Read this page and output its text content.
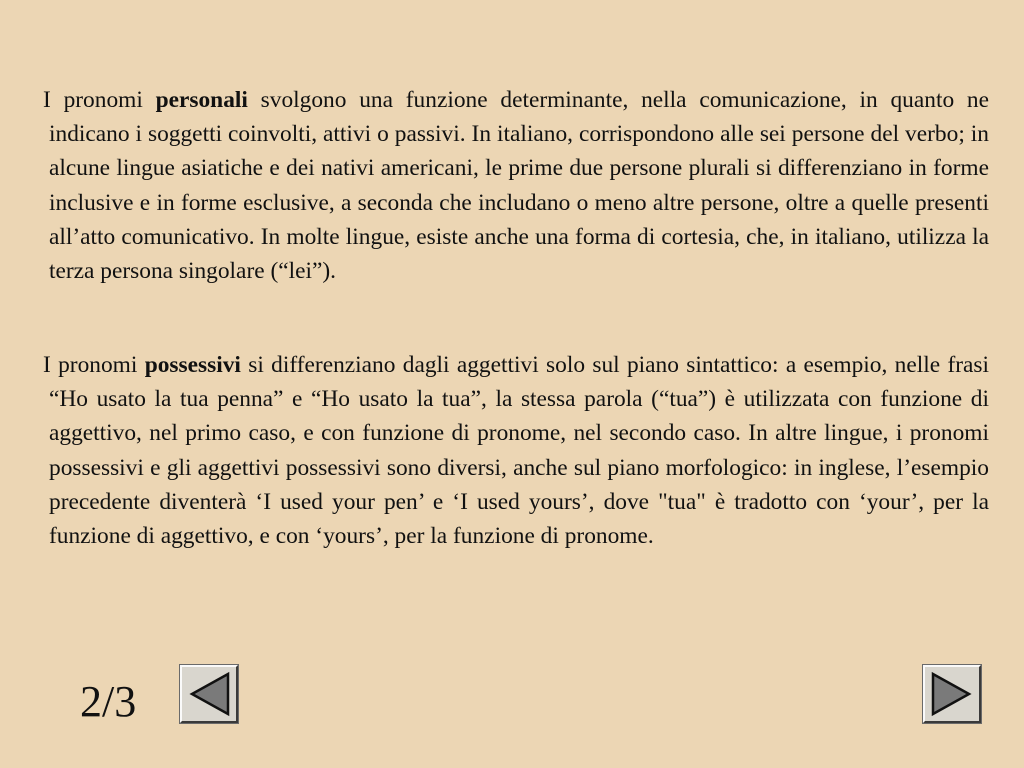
I pronomi personali svolgono una funzione determinante, nella comunicazione, in quanto ne indicano i soggetti coinvolti, attivi o passivi. In italiano, corrispondono alle sei persone del verbo; in alcune lingue asiatiche e dei nativi americani, le prime due persone plurali si differenziano in forme inclusive e in forme esclusive, a seconda che includano o meno altre persone, oltre a quelle presenti all’atto comunicativo. In molte lingue, esiste anche una forma di cortesia, che, in italiano, utilizza la terza persona singolare (“lei”).

I pronomi possessivi si differenziano dagli aggettivi solo sul piano sintattico: a esempio, nelle frasi “Ho usato la tua penna” e “Ho usato la tua”, la stessa parola (“tua”) è utilizzata con funzione di aggettivo, nel primo caso, e con funzione di pronome, nel secondo caso. In altre lingue, i pronomi possessivi e gli aggettivi possessivi sono diversi, anche sul piano morfologico: in inglese, l’esempio precedente diventerà ‘I used your pen’ e ‘I used yours’, dove "tua" è tradotto con ‘your’, per la funzione di aggettivo, e con ‘yours’, per la funzione di pronome.

2/3
